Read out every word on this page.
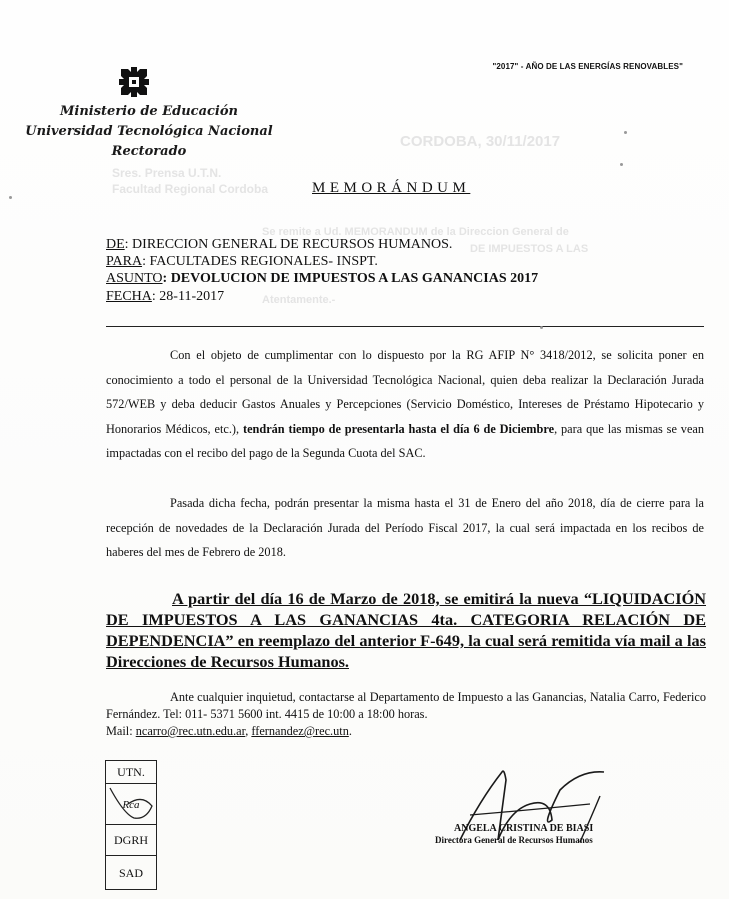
CORDOBA, 30/11/2017
Sres. Prensa U.T.N.
Facultad Regional Cordoba
Se remite a Ud. MEMORANDUM de la Direccion General de
DE IMPUESTOS A LAS
Atentamente.-
"2017" - AÑO DE LAS ENERGÍAS RENOVABLES"
Ministerio de Educación
Universidad Tecnológica Nacional
Rectorado
MEMORÁNDUM
DE: DIRECCION GENERAL DE RECURSOS HUMANOS.
PARA: FACULTADES REGIONALES- INSPT.
ASUNTO: DEVOLUCION DE IMPUESTOS A LAS GANANCIAS 2017
FECHA: 28-11-2017
Con el objeto de cumplimentar con lo dispuesto por la RG AFIP N° 3418/2012, se solicita poner en conocimiento a todo el personal de la Universidad Tecnológica Nacional, quien deba realizar la Declaración Jurada 572/WEB y deba deducir Gastos Anuales y Percepciones (Servicio Doméstico, Intereses de Préstamo Hipotecario y Honorarios Médicos, etc.), tendrán tiempo de presentarla hasta el día 6 de Diciembre, para que las mismas se vean impactadas con el recibo del pago de la Segunda Cuota del SAC.
Pasada dicha fecha, podrán presentar la misma hasta el 31 de Enero del año 2018, día de cierre para la recepción de novedades de la Declaración Jurada del Período Fiscal 2017, la cual será impactada en los recibos de haberes del mes de Febrero de 2018.
A partir del día 16 de Marzo de 2018, se emitirá la nueva “LIQUIDACIÓN DE IMPUESTOS A LAS GANANCIAS 4ta. CATEGORIA RELACIÓN DE DEPENDENCIA” en reemplazo del anterior F-649, la cual será remitida vía mail a las Direcciones de Recursos Humanos.
Ante cualquier inquietud, contactarse al Departamento de Impuesto a las Ganancias, Natalia Carro, Federico Fernández. Tel: 011- 5371 5600 int. 4415 de 10:00 a 18:00 horas.
Mail: ncarro@rec.utn.edu.ar, ffernandez@rec.utn.
UTN.
Rca
DGRH
SAD
ANGELA CRISTINA DE BIASI
Directora General de Recursos Humanos
